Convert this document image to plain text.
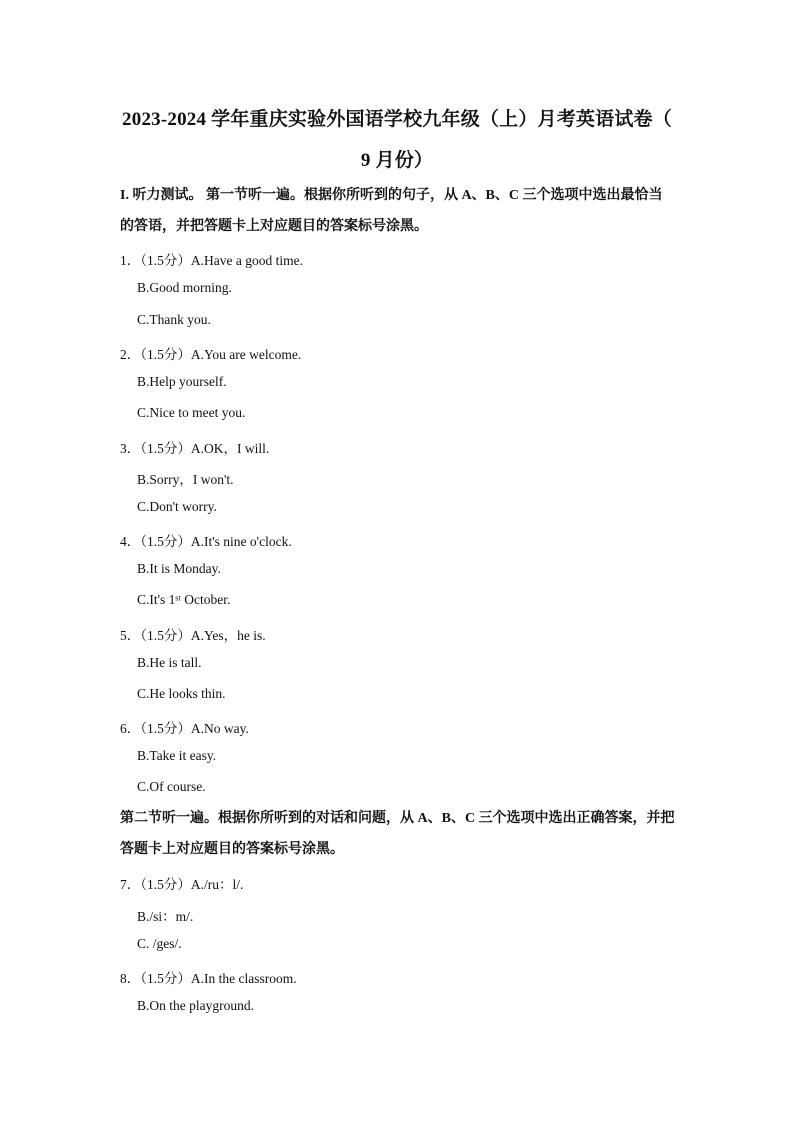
2023-2024 学年重庆实验外国语学校九年级（上）月考英语试卷（
9 月份）
I. 听力测试。 第一节听一遍。根据你所听到的句子，从 A、B、C 三个选项中选出最恰当
的答语，并把答题卡上对应题目的答案标号涂黑。
1．（1.5分）A.Have a good time.
B.Good morning.
C.Thank you.
2．（1.5分）A.You are welcome.
B.Help yourself.
C.Nice to meet you.
3．（1.5分）A.OK，I will.
B.Sorry，I won't.
C.Don't worry.
4．（1.5分）A.It's nine o'clock.
B.It is Monday.
C.It's 1ˢᵗ October.
5．（1.5分）A.Yes，he is.
B.He is tall.
C.He looks thin.
6．（1.5分）A.No way.
B.Take it easy.
C.Of course.
第二节听一遍。根据你所听到的对话和问题，从 A、B、C 三个选项中选出正确答案，并把
答题卡上对应题目的答案标号涂黑。
7．（1.5分）A./ru：l/.
B./si：m/.
C. /ges/.
8．（1.5分）A.In the classroom.
B.On the playground.
